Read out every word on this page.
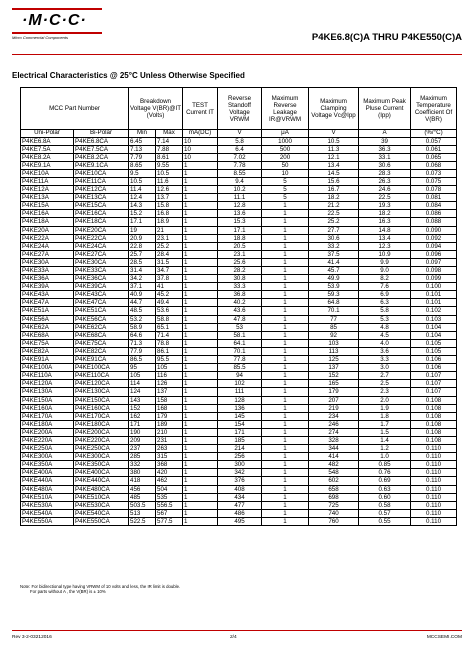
·M·C·C·
Micro Commercial Components	P4KE6.8(C)A THRU P4KE550(C)A
Electrical Characteristics @ 25°C Unless Otherwise Specified
MCC Part Number		Breakdown Voltage V(BR)@IT (Volts)		TEST Current IT	Reverse Standoff Voltage VRWM	Maximum Reverse Leakage IR@VRWM	Maximum Clamping Voltage Vc@Ipp	Maximum Peak Pluse Current (Ipp)	Maximum Temperature Coefficient Of V(BR)
Uni-Polar	Bi-Polar	Min	Max	mA(DC)	V	μA	V	A	(%/°C)
P4KE6.8A	P4KE6.8CA	6.45	7.14	10	5.8	1000	10.5	39	0.057
P4KE7.5A	P4KE7.5CA	7.13	7.88	10	6.4	500	11.3	36.3	0.061
P4KE8.2A	P4KE8.2CA	7.79	8.61	10	7.02	200	12.1	33.1	0.065
P4KE9.1A	P4KE9.1CA	8.65	9.55	1	7.78	50	13.4	30.6	0.068
P4KE10A	P4KE10CA	9.5	10.5	1	8.55	10	14.5	28.3	0.073
P4KE11A	P4KE11CA	10.5	11.6	1	9.4	5	15.6	26.3	0.075
P4KE12A	P4KE12CA	11.4	12.6	1	10.2	5	16.7	24.6	0.078
P4KE13A	P4KE13CA	12.4	13.7	1	11.1	5	18.2	22.5	0.081
P4KE15A	P4KE15CA	14.3	15.8	1	12.8	1	21.2	19.3	0.084
P4KE16A	P4KE16CA	15.2	16.8	1	13.6	1	22.5	18.2	0.086
P4KE18A	P4KE18CA	17.1	18.9	1	15.3	1	25.2	16.3	0.088
P4KE20A	P4KE20CA	19	21	1	17.1	1	27.7	14.8	0.090
P4KE22A	P4KE22CA	20.9	23.1	1	18.8	1	30.6	13.4	0.092
P4KE24A	P4KE24CA	22.8	25.2	1	20.5	1	33.2	12.3	0.094
P4KE27A	P4KE27CA	25.7	28.4	1	23.1	1	37.5	10.9	0.096
P4KE30A	P4KE30CA	28.5	31.5	1	25.6	1	41.4	9.9	0.097
P4KE33A	P4KE33CA	31.4	34.7	1	28.2	1	45.7	9.0	0.098
P4KE36A	P4KE36CA	34.2	37.8	1	30.8	1	49.9	8.2	0.099
P4KE39A	P4KE39CA	37.1	41	1	33.3	1	53.9	7.6	0.100
P4KE43A	P4KE43CA	40.9	45.2	1	36.8	1	59.3	6.9	0.101
P4KE47A	P4KE47CA	44.7	49.4	1	40.2	1	64.8	6.3	0.101
P4KE51A	P4KE51CA	48.5	53.6	1	43.6	1	70.1	5.8	0.102
P4KE56A	P4KE56CA	53.2	58.8	1	47.8	1	77	5.3	0.103
P4KE62A	P4KE62CA	58.9	65.1	1	53	1	85	4.8	0.104
P4KE68A	P4KE68CA	64.6	71.4	1	58.1	1	92	4.5	0.104
P4KE75A	P4KE75CA	71.3	78.8	1	64.1	1	103	4.0	0.105
P4KE82A	P4KE82CA	77.9	86.1	1	70.1	1	113	3.6	0.105
P4KE91A	P4KE91CA	86.5	95.5	1	77.8	1	125	3.3	0.106
P4KE100A	P4KE100CA	95	105	1	85.5	1	137	3.0	0.106
P4KE110A	P4KE110CA	105	116	1	94	1	152	2.7	0.107
P4KE120A	P4KE120CA	114	126	1	102	1	165	2.5	0.107
P4KE130A	P4KE130CA	124	137	1	111	1	179	2.3	0.107
P4KE150A	P4KE150CA	143	158	1	128	1	207	2.0	0.108
P4KE160A	P4KE160CA	152	168	1	136	1	219	1.9	0.108
P4KE170A	P4KE170CA	162	179	1	145	1	234	1.8	0.108
P4KE180A	P4KE180CA	171	189	1	154	1	246	1.7	0.108
P4KE200A	P4KE200CA	190	210	1	171	1	274	1.5	0.108
P4KE220A	P4KE220CA	209	231	1	185	1	328	1.4	0.108
P4KE250A	P4KE250CA	237	263	1	214	1	344	1.2	0.110
P4KE300A	P4KE300CA	285	315	1	256	1	414	1.0	0.110
P4KE350A	P4KE350CA	332	368	1	300	1	482	0.85	0.110
P4KE400A	P4KE400CA	380	420	1	342	1	548	0.76	0.110
P4KE440A	P4KE440CA	418	462	1	376	1	602	0.69	0.110
P4KE480A	P4KE480CA	456	504	1	408	1	658	0.63	0.110
P4KE510A	P4KE510CA	485	535	1	434	1	698	0.60	0.110
P4KE530A	P4KE530CA	503.5	556.5	1	477	1	725	0.58	0.110
P4KE540A	P4KE540CA	513	567	1	486	1	740	0.57	0.110
P4KE550A	P4KE550CA	522.5	577.5	1	495	1	760	0.55	0.110
Note: For bidirectional type having VRWM of 10 volts and less, the IR limit is double.
For parts without A , the V(BR) is ± 10%
Rev 3-2-03212016	2/4	MCCSEMI.COM
